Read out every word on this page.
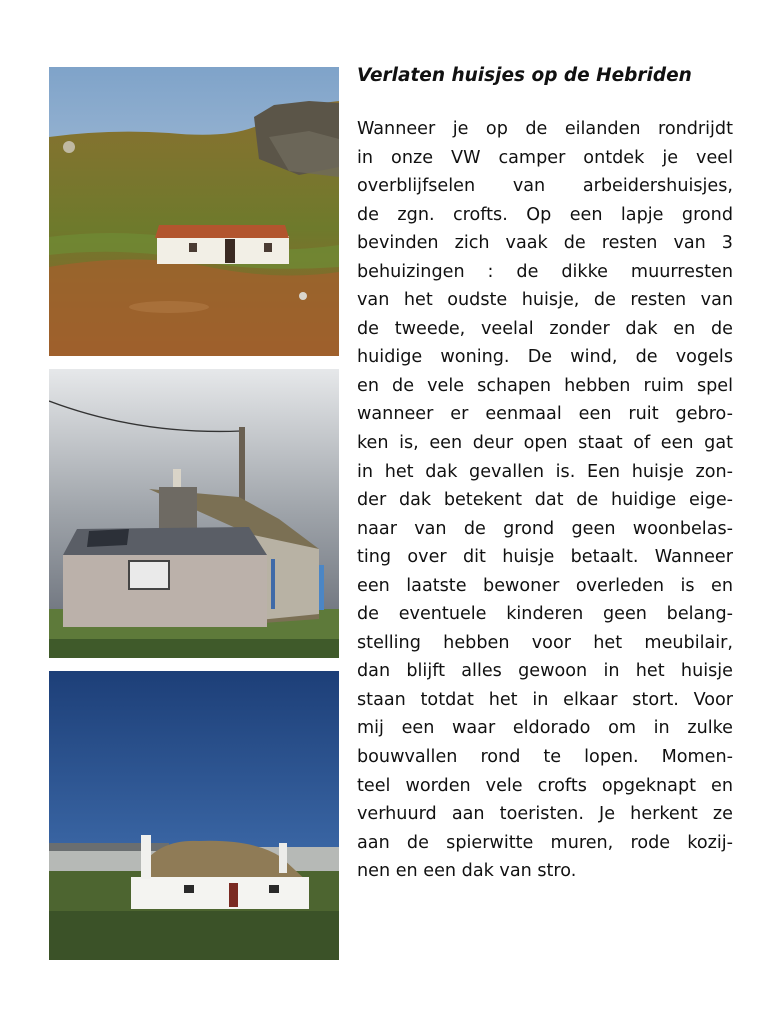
Verlaten huisjes op de Hebriden
Wanneer je op de eilanden rondrijdt
in onze VW camper ontdek je veel
overblijfselen van arbeidershuisjes,
de zgn. crofts. Op een lapje grond
bevinden zich vaak de resten van 3
behuizingen : de dikke muurresten
van het oudste huisje, de resten van
de tweede, veelal zonder dak en de
huidige woning. De wind, de vogels
en de vele schapen hebben ruim spel
wanneer er eenmaal een ruit gebro-
ken is, een deur open staat of een gat
in het dak gevallen is. Een huisje zon-
der dak betekent dat de huidige eige-
naar van de grond geen woonbelas-
ting over dit huisje betaalt. Wanneer
een laatste bewoner overleden is en
de eventuele kinderen geen belang-
stelling hebben voor het meubilair,
dan blijft alles gewoon in het huisje
staan totdat het in elkaar stort. Voor
mij een waar eldorado om in zulke
bouwvallen rond te lopen. Momen-
teel worden vele crofts opgeknapt en
verhuurd aan toeristen. Je herkent ze
aan de spierwitte muren, rode kozij-
nen en een dak van stro.
